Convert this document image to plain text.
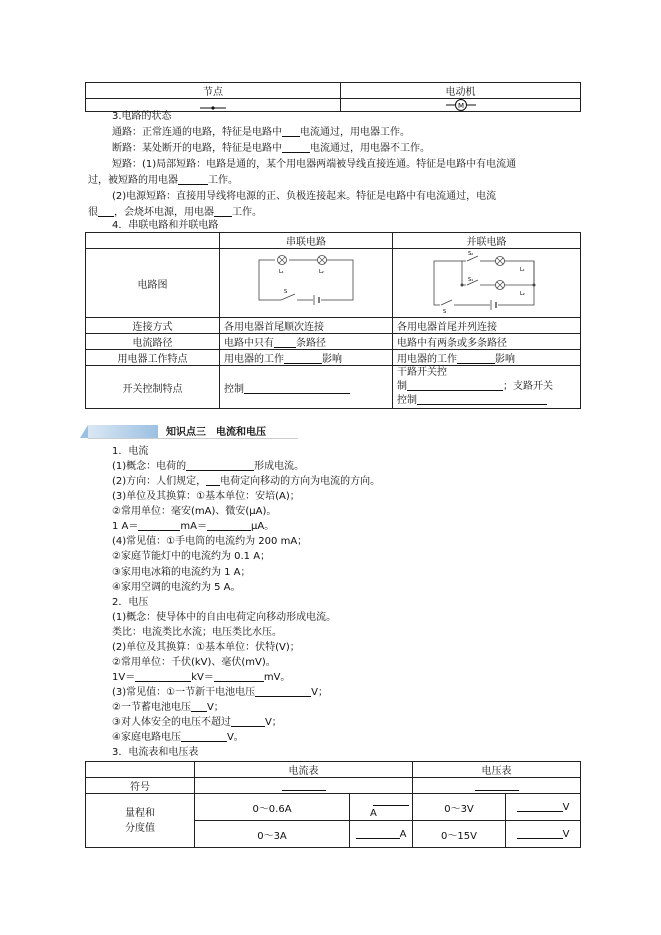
节点	电动机

M
3.电路的状态
通路：正常连通的电路，特征是电路中 电流通过，用电器工作。
断路：某处断开的电路，特征是电路中	电流通过，用电器不工作。
短路：(1)局部短路：电路是通的，某个用电器两端被导线直接连通。特征是电路中有电流通
过，被短路的用电器	工作。
(2)电源短路：直接用导线将电源的正、负极连接起来。特征是电路中有电流通过，电流
很 ，会烧坏电源，用电器 工作。
4．串联电路和并联电路
	串联电路	并联电路
电路图	L₁ L₂
S	S₂
L₁
S₁
L₂
S

连接方式	各用电器首尾顺次连接	各用电器首尾并列连接
电流路径	电路中只有 条路径	电路中有两条或多条路径
用电器工作特点	用电器的工作 影响	用电器的工作 影响
开关控制特点	控制	干路开关控
制 ；支路开关
控制
知识点三　电流和电压
1．电流
(1)概念：电荷的	形成电流。
(2)方向：人们规定， 电荷定向移动的方向为电流的方向。
(3)单位及其换算：①基本单位：安培(A)；
②常用单位：毫安(mA)、微安(μA)。
1 A＝	mA＝	μA。
(4)常见值：①手电筒的电流约为 200 mA；
②家庭节能灯中的电流约为 0.1 A；
③家用电冰箱的电流约为 1 A；
④家用空调的电流约为 5 A。
2．电压
(1)概念：使导体中的自由电荷定向移动形成电流。
类比：电流类比水流；电压类比水压。
(2)单位及其换算：①基本单位：伏特(V)；
②常用单位：千伏(kV)、毫伏(mV)。
1V＝	kV＝	mV。
(3)常见值：①一节新干电池电压	V；
②一节蓄电池电压 V；
③对人体安全的电压不超过	V；
④家庭电路电压	V。
3．电流表和电压表
	电流表		电压表	
符号				

量程和
分度值	0～0.6A	A	0～3V	V
	0～3A	A	0～15V	V
